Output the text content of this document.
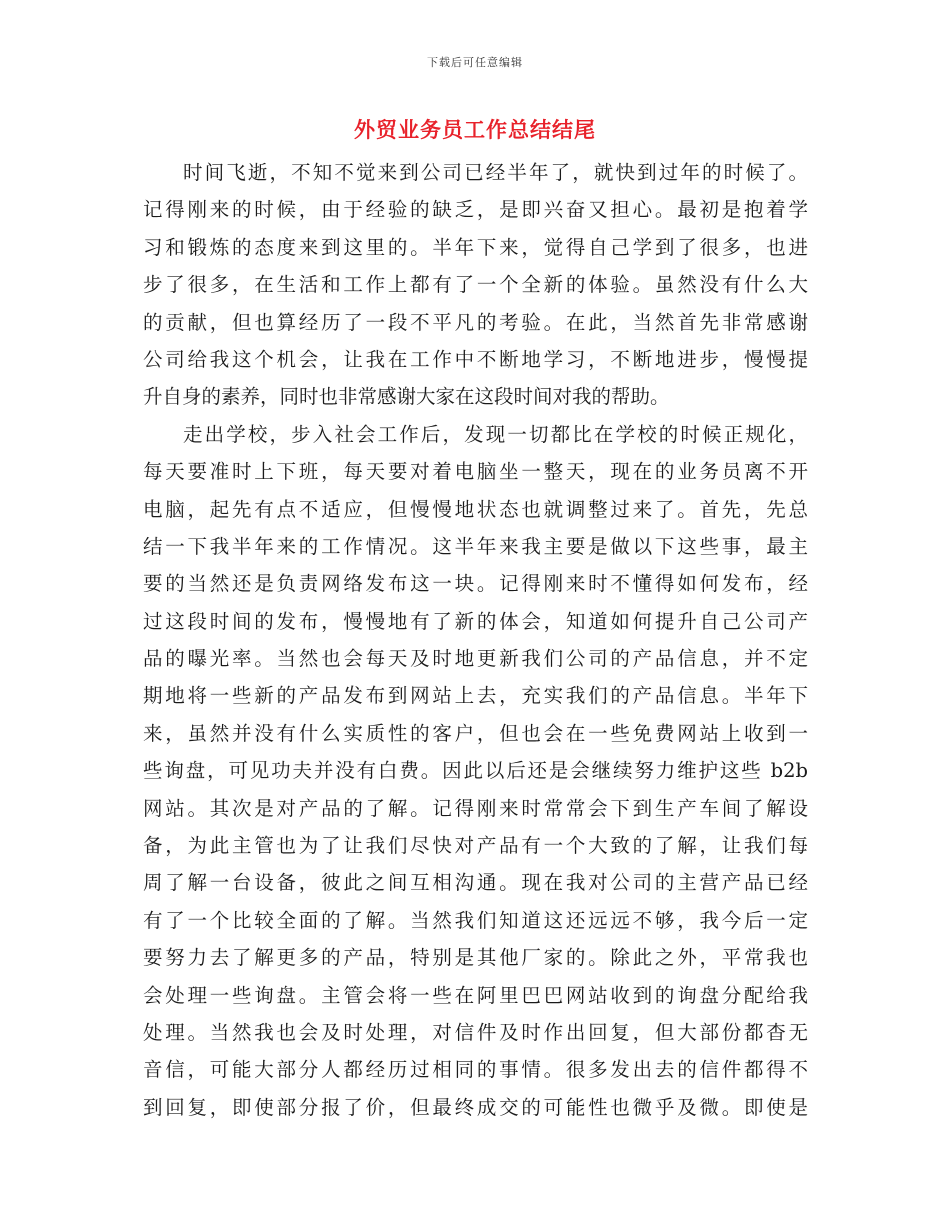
下载后可任意编辑
外贸业务员工作总结结尾
时间飞逝，不知不觉来到公司已经半年了，就快到过年的时候了。
记得刚来的时候，由于经验的缺乏，是即兴奋又担心。最初是抱着学
习和锻炼的态度来到这里的。半年下来，觉得自己学到了很多，也进
步了很多，在生活和工作上都有了一个全新的体验。虽然没有什么大
的贡献，但也算经历了一段不平凡的考验。在此，当然首先非常感谢
公司给我这个机会，让我在工作中不断地学习，不断地进步，慢慢提
升自身的素养，同时也非常感谢大家在这段时间对我的帮助。
走出学校，步入社会工作后，发现一切都比在学校的时候正规化，
每天要准时上下班，每天要对着电脑坐一整天，现在的业务员离不开
电脑，起先有点不适应，但慢慢地状态也就调整过来了。首先，先总
结一下我半年来的工作情况。这半年来我主要是做以下这些事，最主
要的当然还是负责网络发布这一块。记得刚来时不懂得如何发布，经
过这段时间的发布，慢慢地有了新的体会，知道如何提升自己公司产
品的曝光率。当然也会每天及时地更新我们公司的产品信息，并不定
期地将一些新的产品发布到网站上去，充实我们的产品信息。半年下
来，虽然并没有什么实质性的客户，但也会在一些免费网站上收到一
些询盘，可见功夫并没有白费。因此以后还是会继续努力维护这些 b2b
网站。其次是对产品的了解。记得刚来时常常会下到生产车间了解设
备，为此主管也为了让我们尽快对产品有一个大致的了解，让我们每
周了解一台设备，彼此之间互相沟通。现在我对公司的主营产品已经
有了一个比较全面的了解。当然我们知道这还远远不够，我今后一定
要努力去了解更多的产品，特别是其他厂家的。除此之外，平常我也
会处理一些询盘。主管会将一些在阿里巴巴网站收到的询盘分配给我
处理。当然我也会及时处理，对信件及时作出回复，但大部份都杳无
音信，可能大部分人都经历过相同的事情。很多发出去的信件都得不
到回复，即使部分报了价，但最终成交的可能性也微乎及微。即使是
